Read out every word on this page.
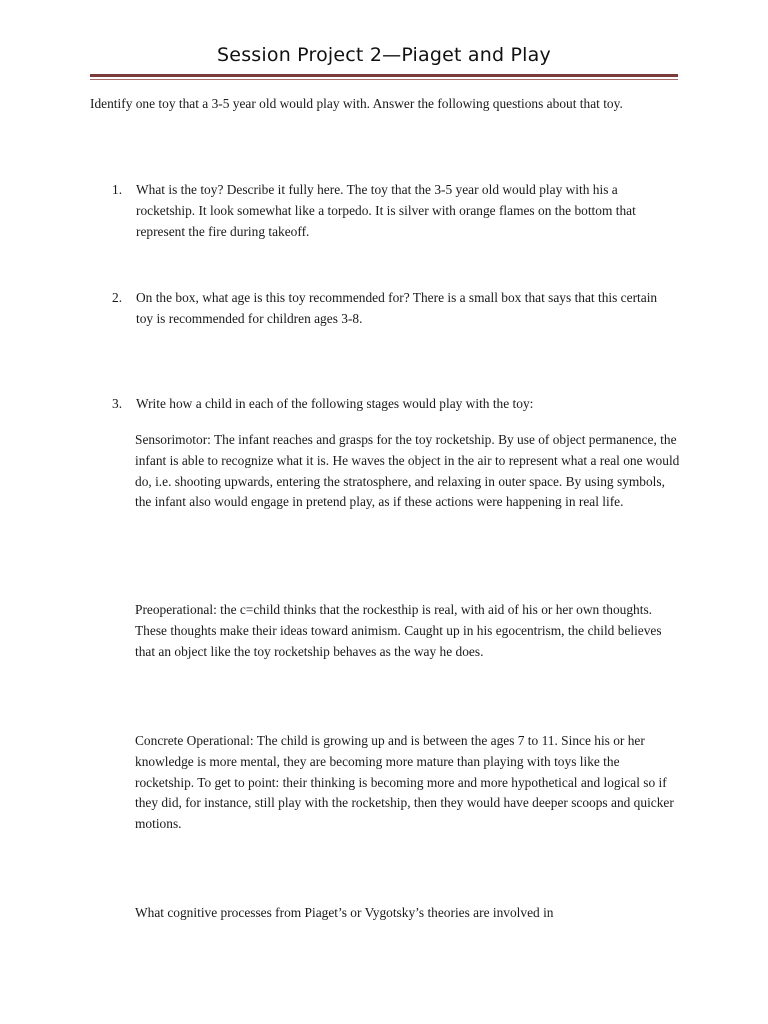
Session Project 2—Piaget and Play

Identify one toy that a 3-5 year old would play with. Answer the following questions about that toy.

1.	What is the toy? Describe it fully here. The toy that the 3-5 year old would play with his a rocketship. It look somewhat like a torpedo. It is silver with orange flames on the bottom that represent the fire during takeoff.
2.	On the box, what age is this toy recommended for? There is a small box that says that this certain toy is recommended for children ages 3-8.
3.	Write how a child in each of the following stages would play with the toy:

Sensorimotor: The infant reaches and grasps for the toy rocketship. By use of object permanence, the infant is able to recognize what it is. He waves the object in the air to represent what a real one would do, i.e. shooting upwards, entering the stratosphere, and relaxing in outer space. By using symbols, the infant also would engage in pretend play, as if these actions were happening in real life.

Preoperational: the c=child thinks that the rockesthip is real, with aid of his or her own thoughts. These thoughts make their ideas toward animism. Caught up in his egocentrism, the child believes that an object like the toy rocketship behaves as the way he does.

Concrete Operational: The child is growing up and is between the ages 7 to 11. Since his or her knowledge is more mental, they are becoming more mature than playing with toys like the rocketship. To get to point: their thinking is becoming more and more hypothetical and logical so if they did, for instance, still play with the rocketship, then they would have deeper scoops and quicker motions.

What cognitive processes from Piaget’s or Vygotsky’s theories are involved in
